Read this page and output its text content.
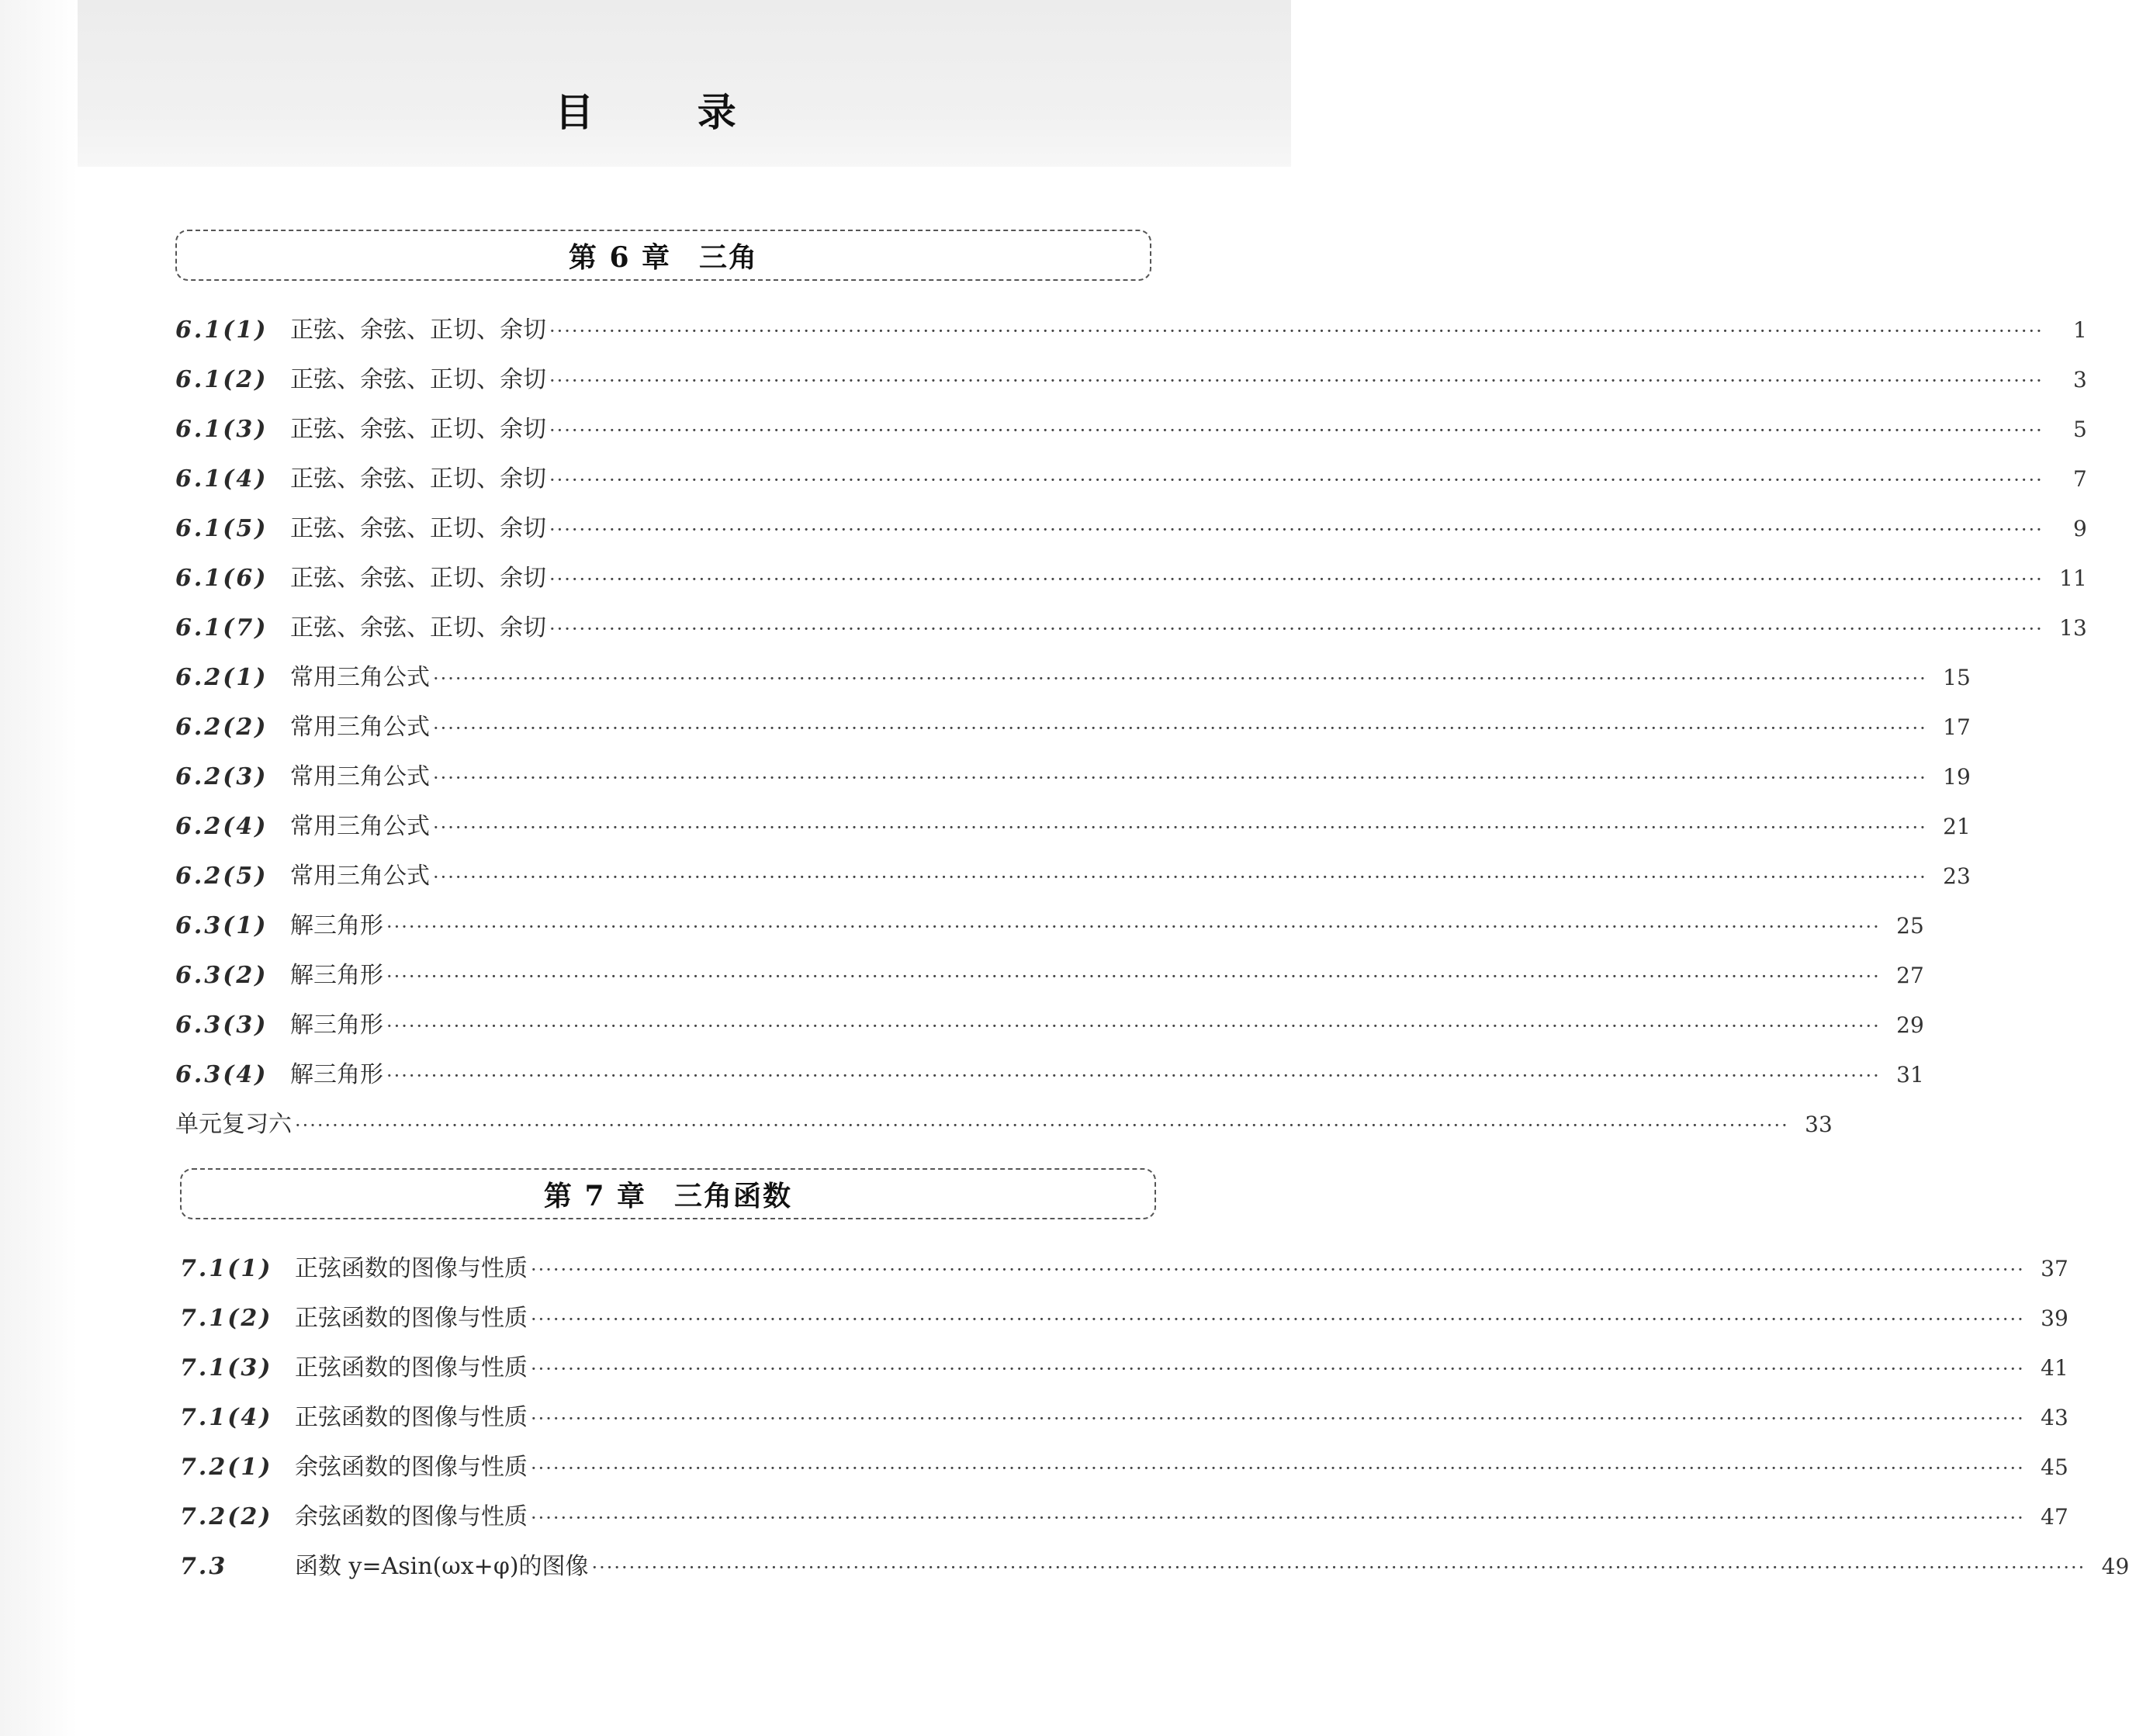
目 录
第 6 章 三角
6.1(1) 正弦、余弦、正切、余切 ········································································································································································································	1
6.1(2) 正弦、余弦、正切、余切 ········································································································································································································	3
6.1(3) 正弦、余弦、正切、余切 ········································································································································································································	5
6.1(4) 正弦、余弦、正切、余切 ········································································································································································································	7
6.1(5) 正弦、余弦、正切、余切 ········································································································································································································	9
6.1(6) 正弦、余弦、正切、余切 ········································································································································································································ 11
6.1(7) 正弦、余弦、正切、余切 ········································································································································································································ 13
6.2(1) 常用三角公式 ········································································································································································································ 15
6.2(2) 常用三角公式 ········································································································································································································ 17
6.2(3) 常用三角公式 ········································································································································································································ 19
6.2(4) 常用三角公式 ········································································································································································································ 21
6.2(5) 常用三角公式 ········································································································································································································ 23
6.3(1) 解三角形 ········································································································································································································ 25
6.3(2) 解三角形 ········································································································································································································ 27
6.3(3) 解三角形 ········································································································································································································ 29
6.3(4) 解三角形 ········································································································································································································ 31
单元复习六 ········································································································································································································ 33
第 7 章 三角函数
7.1(1) 正弦函数的图像与性质 ········································································································································································································ 37
7.1(2) 正弦函数的图像与性质 ········································································································································································································ 39
7.1(3) 正弦函数的图像与性质 ········································································································································································································ 41
7.1(4) 正弦函数的图像与性质 ········································································································································································································ 43
7.2(1) 余弦函数的图像与性质 ········································································································································································································ 45
7.2(2) 余弦函数的图像与性质 ········································································································································································································ 47
7.3	函数 y=Asin(ωx+φ)的图像 ········································································································································································································ 49
